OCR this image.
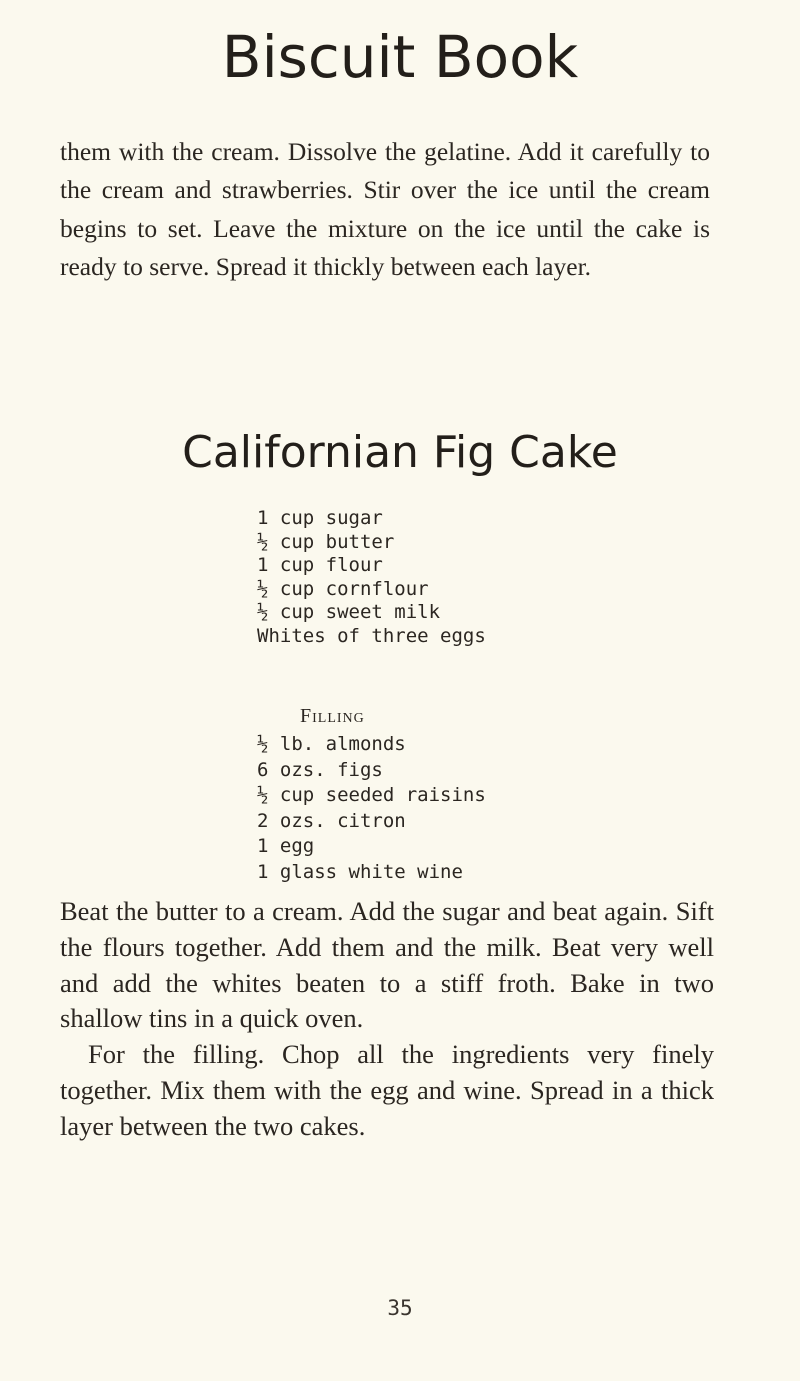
Biscuit Book
them with the cream. Dissolve the gelatine. Add it carefully to the cream and strawberries. Stir over the ice until the cream begins to set. Leave the mixture on the ice until the cake is ready to serve. Spread it thickly between each layer.
Californian Fig Cake
1 cup sugar
½ cup butter
1 cup flour
½ cup cornflour
½ cup sweet milk
Whites of three eggs
Filling
½ lb. almonds
6 ozs. figs
½ cup seeded raisins
2 ozs. citron
1 egg
1 glass white wine

Beat the butter to a cream. Add the sugar and beat again. Sift the flours together. Add them and the milk. Beat very well and add the whites beaten to a stiff froth. Bake in two shallow tins in a quick oven.

For the filling. Chop all the ingredients very finely together. Mix them with the egg and wine. Spread in a thick layer between the two cakes.

35
